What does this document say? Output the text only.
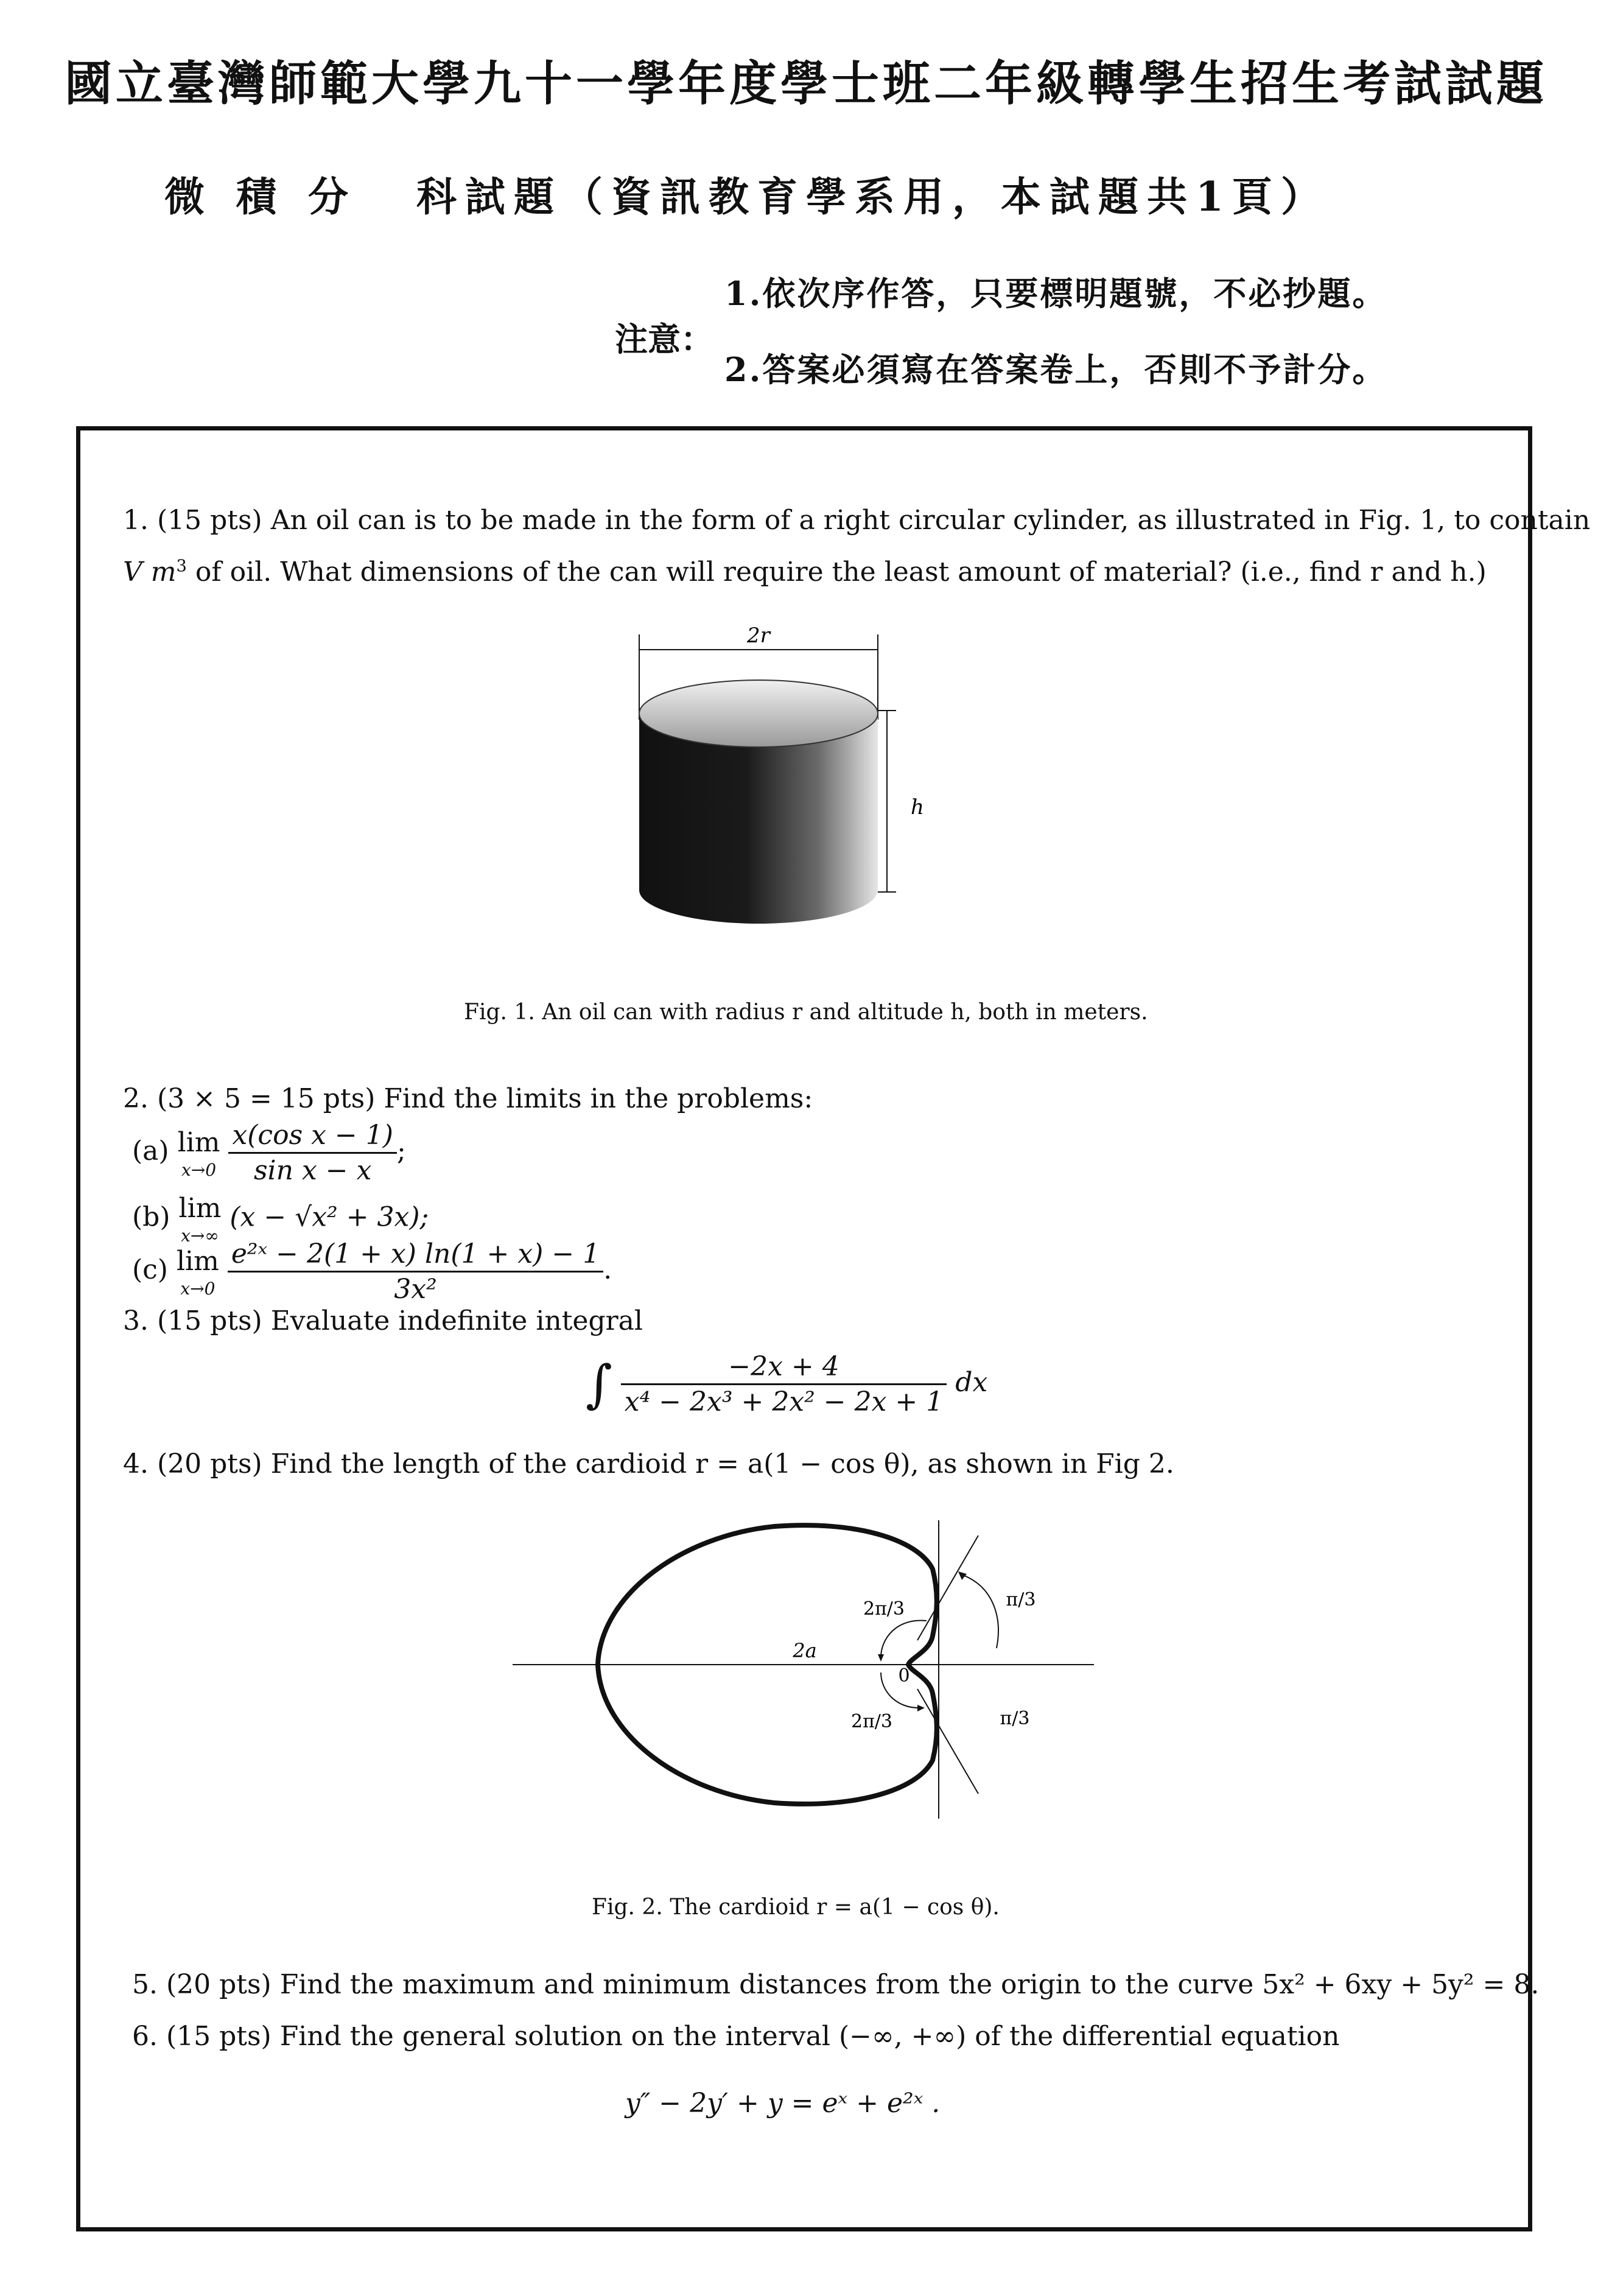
國立臺灣師範大學九十一學年度學士班二年級轉學生招生考試試題
微積分 科試題（資訊教育學系用，本試題共1頁）
注意：
1.依次序作答，只要標明題號，不必抄題。
2.答案必須寫在答案卷上，否則不予計分。
1. (15 pts) An oil can is to be made in the form of a right circular cylinder, as illustrated in Fig. 1, to contain
V $m^3$ of oil. What dimensions of the can will require the least amount of material? (i.e., find r and h.)
2r
h
Fig. 1. An oil can with radius r and altitude h, both in meters.
2. (3 × 5 = 15 pts) Find the limits in the problems:
(a) lim
x→0
$\frac{\text{x(cos x − 1)}}{\text{sin x − x}}$ ;
(b) lim
x→∞
(x − √x² + 3x);
(c) lim
x→0
$\frac{\text{e²ˣ − 2(1 + x) ln(1 + x) − 1}}{\text{3x²}}$ .
3. (15 pts) Evaluate indefinite integral
∫ $\frac{-2x + 4}{\text{x⁴ − 2x³ + 2x² − 2x + 1}}$ dx
4. (20 pts) Find the length of the cardioid r = a(1 − cos θ), as shown in Fig 2.
2a
2π/3
2π/3
π/3
π/3
0
Fig. 2. The cardioid r = a(1 − cos θ).
5. (20 pts) Find the maximum and minimum distances from the origin to the curve 5x² + 6xy + 5y² = 8.
6. (15 pts) Find the general solution on the interval (−∞, +∞) of the differential equation
y″ − 2y′ + y = eˣ + e²ˣ .
